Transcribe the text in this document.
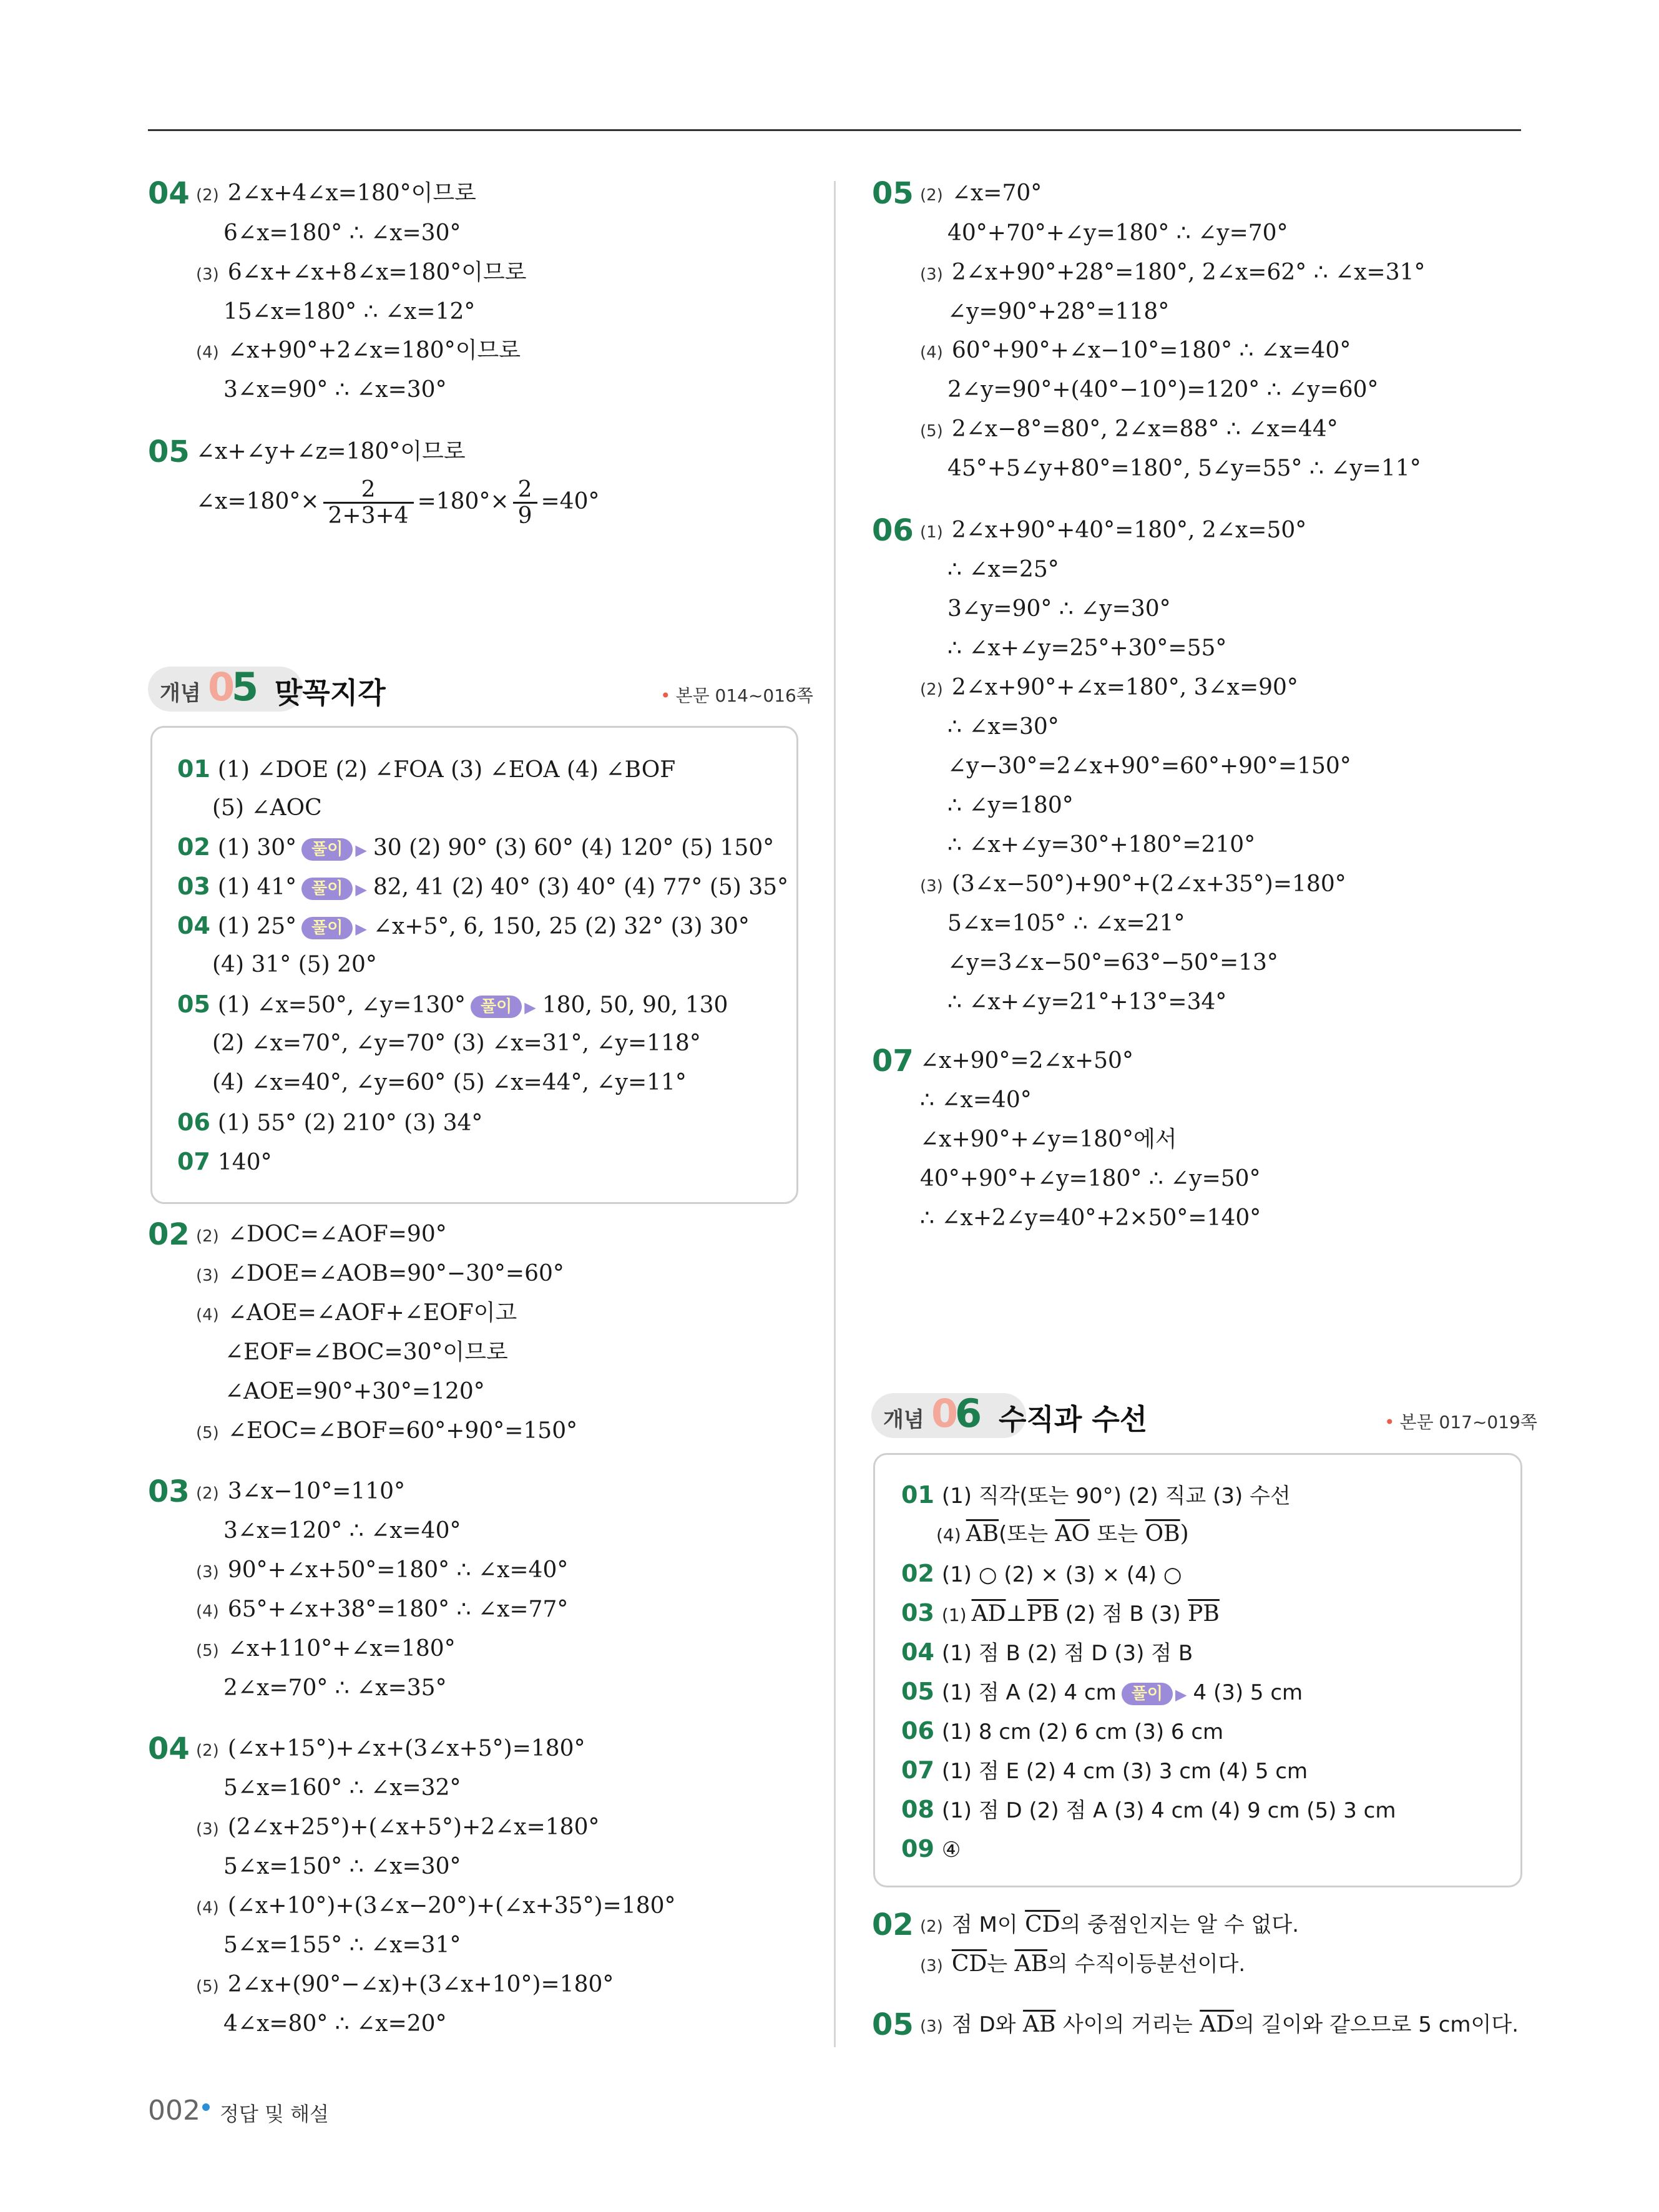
04 (2) 2∠x+4∠x=180°이므로
6∠x=180° ∴ ∠x=30°
(3) 6∠x+∠x+8∠x=180°이므로
15∠x=180° ∴ ∠x=12°
(4) ∠x+90°+2∠x=180°이므로
3∠x=90° ∴ ∠x=30°
05 ∠x+∠y+∠z=180°이므로
∠x=180°× $\frac{2}{2+3+4} =180^\circ\times \frac{2}{9} =40^\circ$
개념 0
5 맞꼭지각	• 본문 014~016쪽
01 (1) ∠DOE (2) ∠FOA (3) ∠EOA (4) ∠BOF
(5) ∠AOC
02 (1) 30° 풀이 ▶ 30 (2) 90° (3) 60° (4) 120° (5) 150°
03 (1) 41° 풀이 ▶ 82, 41 (2) 40° (3) 40° (4) 77° (5) 35°
04 (1) 25° 풀이 ▶ ∠x+5°, 6, 150, 25 (2) 32° (3) 30°
(4) 31° (5) 20°
05 (1) ∠x=50°, ∠y=130° 풀이 ▶ 180, 50, 90, 130
(2) ∠x=70°, ∠y=70° (3) ∠x=31°, ∠y=118°
(4) ∠x=40°, ∠y=60° (5) ∠x=44°, ∠y=11°
06 (1) 55° (2) 210° (3) 34°
07 140°
02 (2) ∠DOC=∠AOF=90°
(3) ∠DOE=∠AOB=90°−30°=60°
(4) ∠AOE=∠AOF+∠EOF이고
∠EOF=∠BOC=30°이므로
∠AOE=90°+30°=120°
(5) ∠EOC=∠BOF=60°+90°=150°
03 (2) 3∠x−10°=110°
3∠x=120° ∴ ∠x=40°
(3) 90°+∠x+50°=180° ∴ ∠x=40°
(4) 65°+∠x+38°=180° ∴ ∠x=77°
(5) ∠x+110°+∠x=180°
2∠x=70° ∴ ∠x=35°
04 (2) (∠x+15°)+∠x+(3∠x+5°)=180°
5∠x=160° ∴ ∠x=32°
(3) (2∠x+25°)+(∠x+5°)+2∠x=180°
5∠x=150° ∴ ∠x=30°
(4) (∠x+10°)+(3∠x−20°)+(∠x+35°)=180°
5∠x=155° ∴ ∠x=31°
(5) 2∠x+(90°−∠x)+(3∠x+10°)=180°
4∠x=80° ∴ ∠x=20°
05 (2) ∠x=70°
40°+70°+∠y=180° ∴ ∠y=70°
(3) 2∠x+90°+28°=180°, 2∠x=62° ∴ ∠x=31°
∠y=90°+28°=118°
(4) 60°+90°+∠x−10°=180° ∴ ∠x=40°
2∠y=90°+(40°−10°)=120° ∴ ∠y=60°
(5) 2∠x−8°=80°, 2∠x=88° ∴ ∠x=44°
45°+5∠y+80°=180°, 5∠y=55° ∴ ∠y=11°
06 (1) 2∠x+90°+40°=180°, 2∠x=50°
∴ ∠x=25°
3∠y=90° ∴ ∠y=30°
∴ ∠x+∠y=25°+30°=55°
(2) 2∠x+90°+∠x=180°, 3∠x=90°
∴ ∠x=30°
∠y−30°=2∠x+90°=60°+90°=150°
∴ ∠y=180°
∴ ∠x+∠y=30°+180°=210°
(3) (3∠x−50°)+90°+(2∠x+35°)=180°
5∠x=105° ∴ ∠x=21°
∠y=3∠x−50°=63°−50°=13°
∴ ∠x+∠y=21°+13°=34°
07 ∠x+90°=2∠x+50°
∴ ∠x=40°
∠x+90°+∠y=180°에서
40°+90°+∠y=180° ∴ ∠y=50°
∴ ∠x+2∠y=40°+2×50°=140°
개념 0
6 수직과 수선	• 본문 017~019쪽
01 (1) 직각(또는 90°) (2) 직교 (3) 수선
(4) $\overline{AB}$(또는 $\overline{AO}$ 또는 $\overline{OB}$)
02 (1) ○ (2) × (3) × (4) ○
03 (1) $\overline{AD}\perp\overline{PB}$ (2) 점 B (3) $\overline{PB}$
04 (1) 점 B (2) 점 D (3) 점 B
05 (1) 점 A (2) 4 cm 풀이 ▶ 4 (3) 5 cm
06 (1) 8 cm (2) 6 cm (3) 6 cm
07 (1) 점 E (2) 4 cm (3) 3 cm (4) 5 cm
08 (1) 점 D (2) 점 A (3) 4 cm (4) 9 cm (5) 3 cm
09 ④
02 (2) 점 M이 $\overline{CD}$의 중점인지는 알 수 없다.
(3) $\overline{CD}$는 $\overline{AB}$의 수직이등분선이다.
05 (3) 점 D와 $\overline{AB}$ 사이의 거리는 $\overline{AD}$의 길이와 같으므로 5 cm이다.
002 정답 및 해설
